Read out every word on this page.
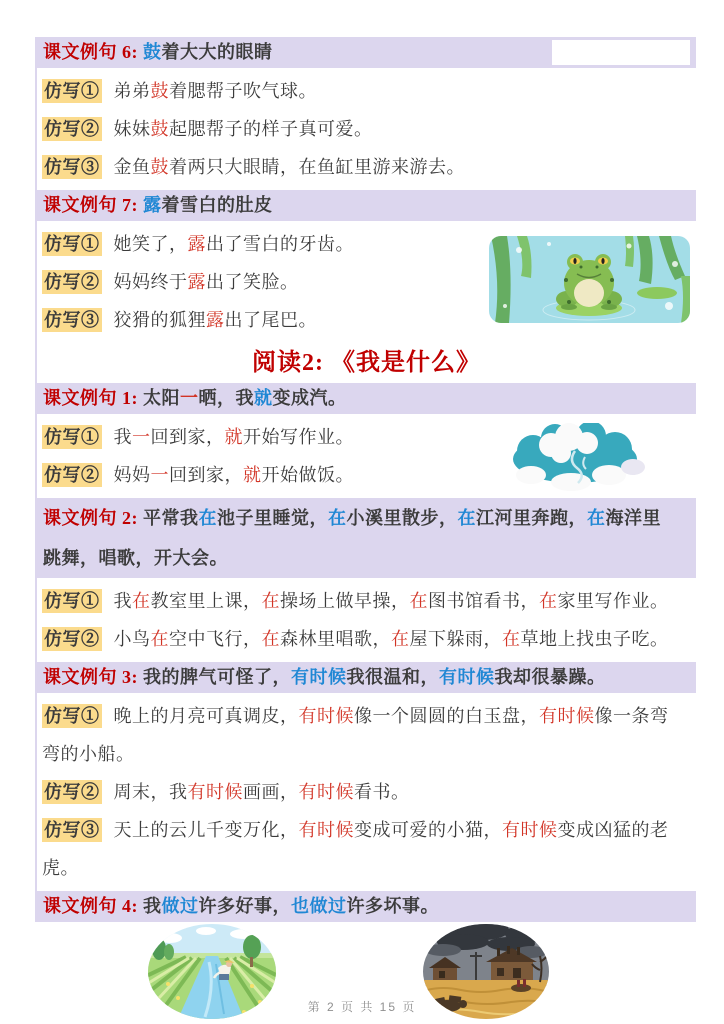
课文例句 6: 鼓着大大的眼睛

仿写① 弟弟鼓着腮帮子吹气球。

仿写② 妹妹鼓起腮帮子的样子真可爱。

仿写③ 金鱼鼓着两只大眼睛，在鱼缸里游来游去。

课文例句 7: 露着雪白的肚皮

仿写① 她笑了，露出了雪白的牙齿。

仿写② 妈妈终于露出了笑脸。

仿写③ 狡猾的狐狸露出了尾巴。

阅读2: 《我是什么》
课文例句 1: 太阳一晒，我就变成汽。

仿写① 我一回到家，就开始写作业。

仿写② 妈妈一回到家，就开始做饭。

课文例句 2: 平常我在池子里睡觉，在小溪里散步，在江河里奔跑，在海洋里
跳舞，唱歌，开大会。

仿写① 我在教室里上课，在操场上做早操，在图书馆看书，在家里写作业。

仿写② 小鸟在空中飞行，在森林里唱歌，在屋下躲雨，在草地上找虫子吃。

课文例句 3: 我的脾气可怪了，有时候我很温和，有时候我却很暴躁。

仿写① 晚上的月亮可真调皮，有时候像一个圆圆的白玉盘，有时候像一条弯
弯的小船。

仿写② 周末，我有时候画画，有时候看书。

仿写③ 天上的云儿千变万化，有时候变成可爱的小猫，有时候变成凶猛的老
虎。

课文例句 4: 我做过许多好事，也做过许多坏事。
第 2 页 共 15 页
